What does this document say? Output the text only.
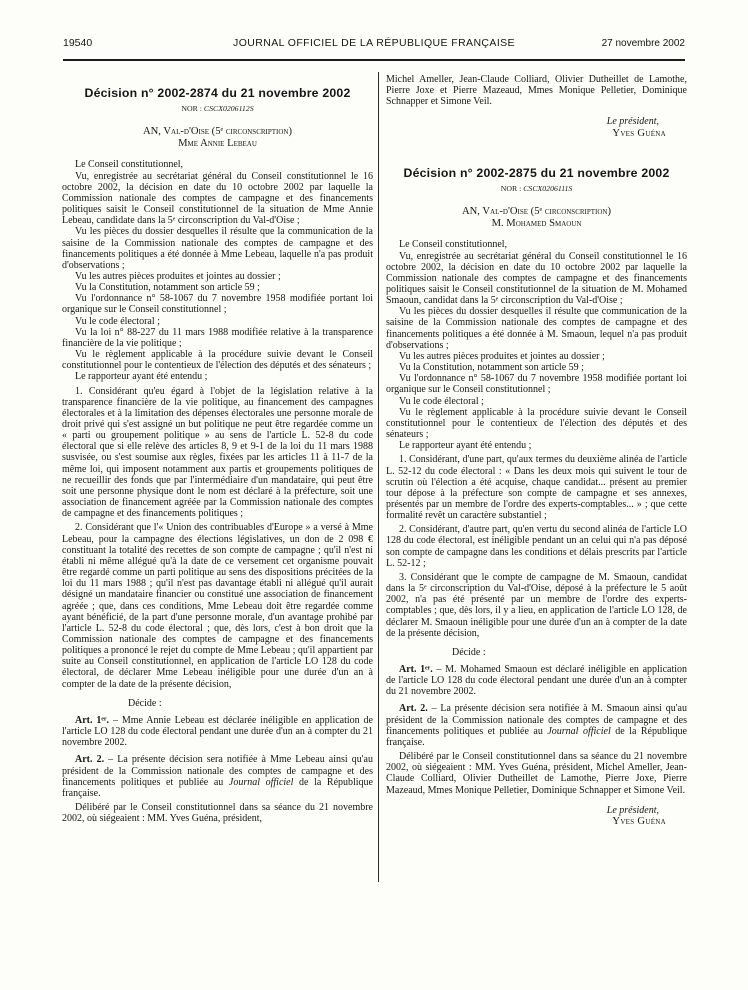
19540	JOURNAL OFFICIEL DE LA RÉPUBLIQUE FRANÇAISE	27 novembre 2002
Décision n° 2002-2874 du 21 novembre 2002

NOR : CSCX0206112S

AN, Val-d'Oise (5ᵉ circonscription)

Mme Annie Lebeau

Le Conseil constitutionnel,

Vu, enregistrée au secrétariat général du Conseil constitutionnel le 16 octobre 2002, la décision en date du 10 octobre 2002 par laquelle la Commission nationale des comptes de campagne et des financements politiques saisit le Conseil constitutionnel de la situation de Mme Annie Lebeau, candidate dans la 5ᵉ circonscription du Val-d'Oise ;

Vu les pièces du dossier desquelles il résulte que la communication de la saisine de la Commission nationale des comptes de campagne et des financements politiques a été donnée à Mme Lebeau, laquelle n'a pas produit d'observations ;

Vu les autres pièces produites et jointes au dossier ;

Vu la Constitution, notamment son article 59 ;

Vu l'ordonnance n° 58-1067 du 7 novembre 1958 modifiée portant loi organique sur le Conseil constitutionnel ;

Vu le code électoral ;

Vu la loi n° 88-227 du 11 mars 1988 modifiée relative à la transparence financière de la vie politique ;

Vu le règlement applicable à la procédure suivie devant le Conseil constitutionnel pour le contentieux de l'élection des députés et des sénateurs ;

Le rapporteur ayant été entendu ;

1. Considérant qu'eu égard à l'objet de la législation relative à la transparence financière de la vie politique, au financement des campagnes électorales et à la limitation des dépenses électorales une personne morale de droit privé qui s'est assigné un but politique ne peut être regardée comme un « parti ou groupement politique » au sens de l'article L. 52-8 du code électoral que si elle relève des articles 8, 9 et 9-1 de la loi du 11 mars 1988 susvisée, ou s'est soumise aux règles, fixées par les articles 11 à 11-7 de la même loi, qui imposent notamment aux partis et groupements politiques de ne recueillir des fonds que par l'intermédiaire d'un mandataire, qui peut être soit une personne physique dont le nom est déclaré à la préfecture, soit une association de financement agréée par la Commission nationale des comptes de campagne et des financements politiques ;

2. Considérant que l'« Union des contribuables d'Europe » a versé à Mme Lebeau, pour la campagne des élections législatives, un don de 2 098 € constituant la totalité des recettes de son compte de campagne ; qu'il n'est ni établi ni même allégué qu'à la date de ce versement cet organisme pouvait être regardé comme un parti politique au sens des dispositions précitées de la loi du 11 mars 1988 ; qu'il n'est pas davantage établi ni allégué qu'il aurait désigné un mandataire financier ou constitué une association de financement agréée ; que, dans ces conditions, Mme Lebeau doit être regardée comme ayant bénéficié, de la part d'une personne morale, d'un avantage prohibé par l'article L. 52-8 du code électoral ; que, dès lors, c'est à bon droit que la Commission nationale des comptes de campagne et des financements politiques a prononcé le rejet du compte de Mme Lebeau ; qu'il appartient par suite au Conseil constitutionnel, en application de l'article LO 128 du code électoral, de déclarer Mme Lebeau inéligible pour une durée d'un an à compter de la date de la présente décision,

Décide :

Art. 1ᵉʳ. – Mme Annie Lebeau est déclarée inéligible en application de l'article LO 128 du code électoral pendant une durée d'un an à compter du 21 novembre 2002.

Art. 2. – La présente décision sera notifiée à Mme Lebeau ainsi qu'au président de la Commission nationale des comptes de campagne et des financements politiques et publiée au Journal officiel de la République française.

Délibéré par le Conseil constitutionnel dans sa séance du 21 novembre 2002, où siégeaient : MM. Yves Guéna, président,

Michel Ameller, Jean-Claude Colliard, Olivier Dutheillet de Lamothe, Pierre Joxe et Pierre Mazeaud, Mmes Monique Pelletier, Dominique Schnapper et Simone Veil.

Le président,

Yves Guéna

Décision n° 2002-2875 du 21 novembre 2002

NOR : CSCX0206111S

AN, Val-d'Oise (5ᵉ circonscription)

M. Mohamed Smaoun

Le Conseil constitutionnel,

Vu, enregistrée au secrétariat général du Conseil constitutionnel le 16 octobre 2002, la décision en date du 10 octobre 2002 par laquelle la Commission nationale des comptes de campagne et des financements politiques saisit le Conseil constitutionnel de la situation de M. Mohamed Smaoun, candidat dans la 5ᵉ circonscription du Val-d'Oise ;

Vu les pièces du dossier desquelles il résulte que communication de la saisine de la Commission nationale des comptes de campagne et des financements politiques a été donnée à M. Smaoun, lequel n'a pas produit d'observations ;

Vu les autres pièces produites et jointes au dossier ;

Vu la Constitution, notamment son article 59 ;

Vu l'ordonnance n° 58-1067 du 7 novembre 1958 modifiée portant loi organique sur le Conseil constitutionnel ;

Vu le code électoral ;

Vu le règlement applicable à la procédure suivie devant le Conseil constitutionnel pour le contentieux de l'élection des députés et des sénateurs ;

Le rapporteur ayant été entendu ;

1. Considérant, d'une part, qu'aux termes du deuxième alinéa de l'article L. 52-12 du code électoral : « Dans les deux mois qui suivent le tour de scrutin où l'élection a été acquise, chaque candidat... présent au premier tour dépose à la préfecture son compte de campagne et ses annexes, présentés par un membre de l'ordre des experts-comptables... » ; que cette formalité revêt un caractère substantiel ;

2. Considérant, d'autre part, qu'en vertu du second alinéa de l'article LO 128 du code électoral, est inéligible pendant un an celui qui n'a pas déposé son compte de campagne dans les conditions et délais prescrits par l'article L. 52-12 ;

3. Considérant que le compte de campagne de M. Smaoun, candidat dans la 5ᵉ circonscription du Val-d'Oise, déposé à la préfecture le 5 août 2002, n'a pas été présenté par un membre de l'ordre des experts-comptables ; que, dès lors, il y a lieu, en application de l'article LO 128, de déclarer M. Smaoun inéligible pour une durée d'un an à compter de la date de la présente décision,

Décide :

Art. 1ᵉʳ. – M. Mohamed Smaoun est déclaré inéligible en application de l'article LO 128 du code électoral pendant une durée d'un an à compter du 21 novembre 2002.

Art. 2. – La présente décision sera notifiée à M. Smaoun ainsi qu'au président de la Commission nationale des comptes de campagne et des financements politiques et publiée au Journal officiel de la République française.

Délibéré par le Conseil constitutionnel dans sa séance du 21 novembre 2002, où siégeaient : MM. Yves Guéna, président, Michel Ameller, Jean-Claude Colliard, Olivier Dutheillet de Lamothe, Pierre Joxe, Pierre Mazeaud, Mmes Monique Pelletier, Dominique Schnapper et Simone Veil.

Le président,

Yves Guéna
